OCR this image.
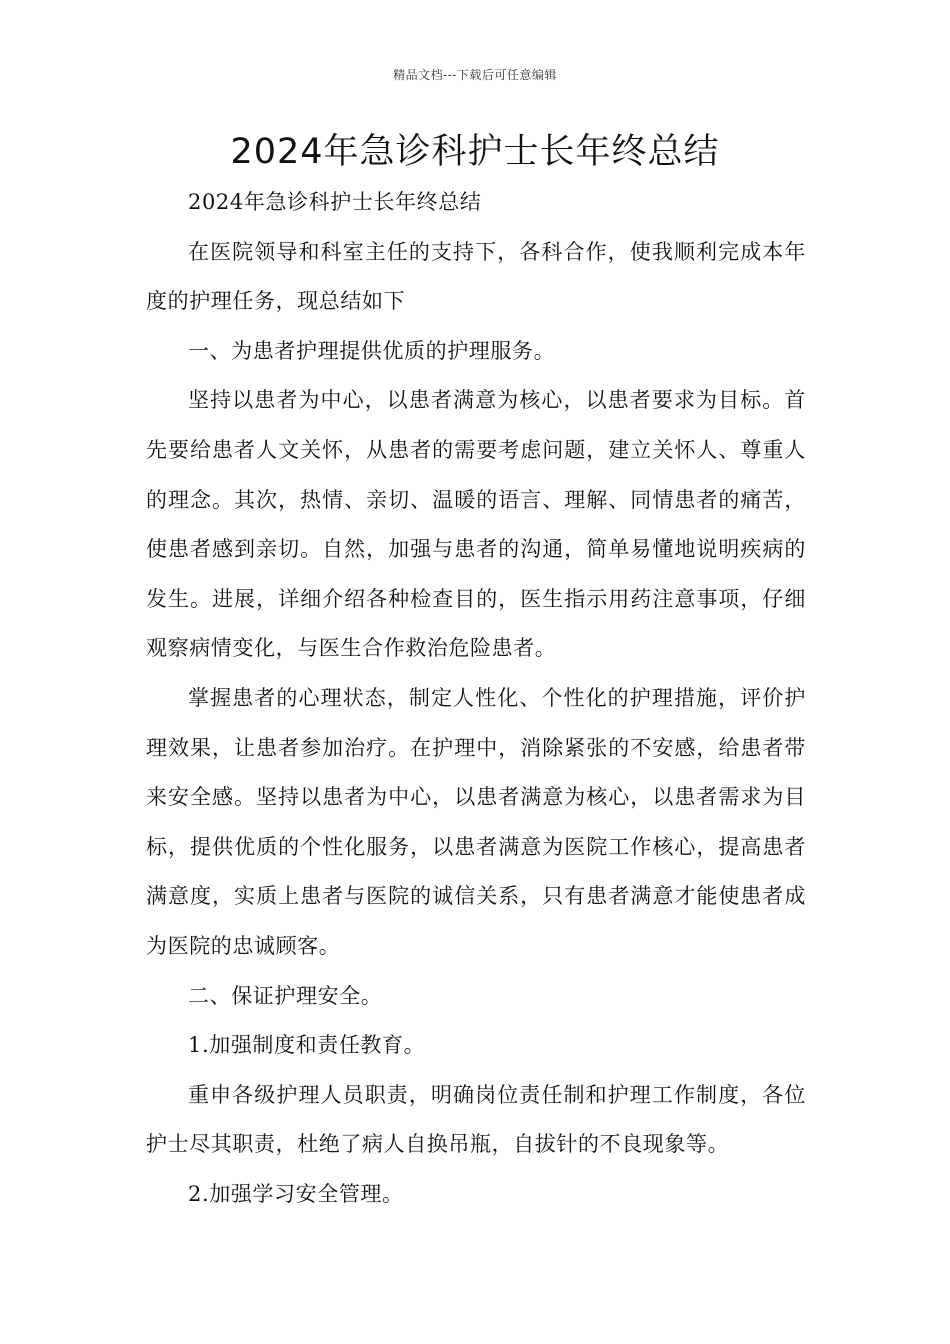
精品文档---下载后可任意编辑
2024年急诊科护士长年终总结

2024年急诊科护士长年终总结

在医院领导和科室主任的支持下，各科合作，使我顺利完成本年度的护理任务，现总结如下

一、为患者护理提供优质的护理服务。

坚持以患者为中心，以患者满意为核心，以患者要求为目标。首先要给患者人文关怀，从患者的需要考虑问题，建立关怀人、尊重人的理念。其次，热情、亲切、温暖的语言、理解、同情患者的痛苦，使患者感到亲切。自然，加强与患者的沟通，简单易懂地说明疾病的发生。进展，详细介绍各种检查目的，医生指示用药注意事项，仔细观察病情变化，与医生合作救治危险患者。

掌握患者的心理状态，制定人性化、个性化的护理措施，评价护理效果，让患者参加治疗。在护理中，消除紧张的不安感，给患者带来安全感。坚持以患者为中心，以患者满意为核心，以患者需求为目标，提供优质的个性化服务，以患者满意为医院工作核心，提高患者满意度，实质上患者与医院的诚信关系，只有患者满意才能使患者成为医院的忠诚顾客。

二、保证护理安全。

1.加强制度和责任教育。

重申各级护理人员职责，明确岗位责任制和护理工作制度，各位护士尽其职责，杜绝了病人自换吊瓶，自拔针的不良现象等。

2.加强学习安全管理。
